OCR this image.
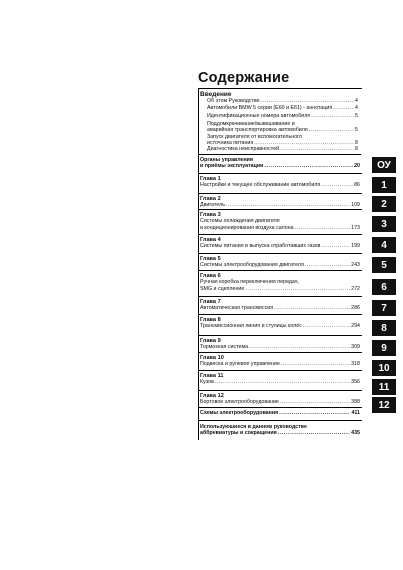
Содержание
Введение
Об этом Руководстве .....	4
Автомобили BMW 5 серии (E60 и E61) - аннотация .....	4
Идентификационные номера автомобиля .....	5
Поддомкрачивание/вывешивание и
аварийная транспортировка автомобиля .....	5
Запуск двигателя от вспомогательного
источника питания .....	8
Диагностика неисправностей .....	8
Органы управления
и приёмы эксплуатации .....	20
Глава 1
Настройки и текущее обслуживание автомобиля .....	86
Глава 2
Двигатель .....	109
Глава 3
Системы охлаждения двигателя
и кондиционирования воздуха салона .....	173
Глава 4
Системы питания и выпуска отработавших газов .....	199
Глава 5
Системы электрооборудования двигателя .....	243
Глава 6
Ручная коробка переключения передач,
SMG и сцепление .....	272
Глава 7
Автоматическая трансмиссия .....	286
Глава 8
Трансмиссионная линия и ступицы колёс .....	294
Глава 9
Тормозная система .....	309
Глава 10
Подвеска и рулевое управление .....	318
Глава 11
Кузов .....	356
Глава 12
Бортовое электрооборудование .....	388
Схемы электрооборудования .....	411
Используюшиеся в данном руководстве
аббревиатуры и сокращения .....	435
ОУ
1
2
3
4
5
6
7
8
9
10
11
12
